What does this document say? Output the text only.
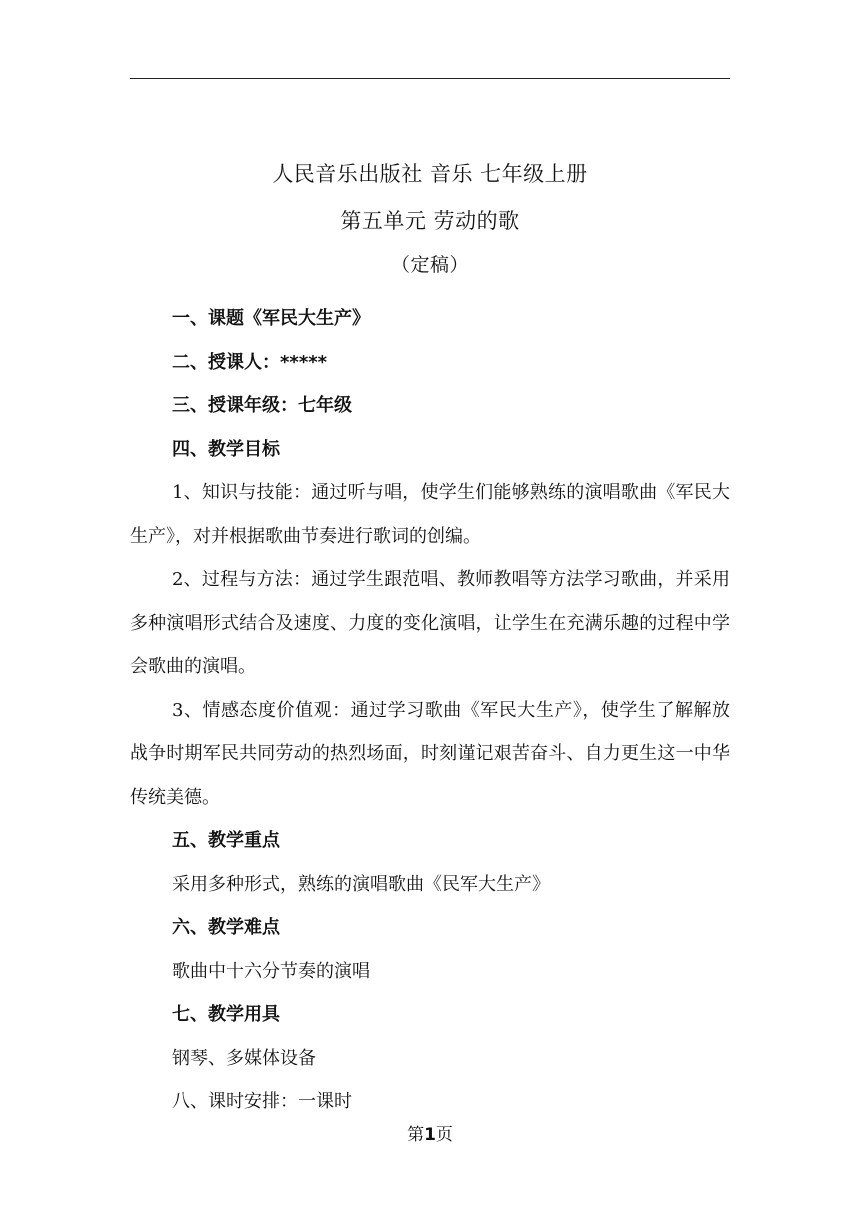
人民音乐出版社 音乐 七年级上册
第五单元 劳动的歌
（定稿）
一、课题《军民大生产》
二、授课人：*****
三、授课年级：七年级
四、教学目标
1、知识与技能：通过听与唱，使学生们能够熟练的演唱歌曲《军民大生产》，对并根据歌曲节奏进行歌词的创编。
2、过程与方法：通过学生跟范唱、教师教唱等方法学习歌曲，并采用多种演唱形式结合及速度、力度的变化演唱，让学生在充满乐趣的过程中学会歌曲的演唱。
3、情感态度价值观：通过学习歌曲《军民大生产》，使学生了解解放战争时期军民共同劳动的热烈场面，时刻谨记艰苦奋斗、自力更生这一中华传统美德。
五、教学重点
采用多种形式，熟练的演唱歌曲《民军大生产》
六、教学难点
歌曲中十六分节奏的演唱
七、教学用具
钢琴、多媒体设备
八、课时安排：一课时
第1页
